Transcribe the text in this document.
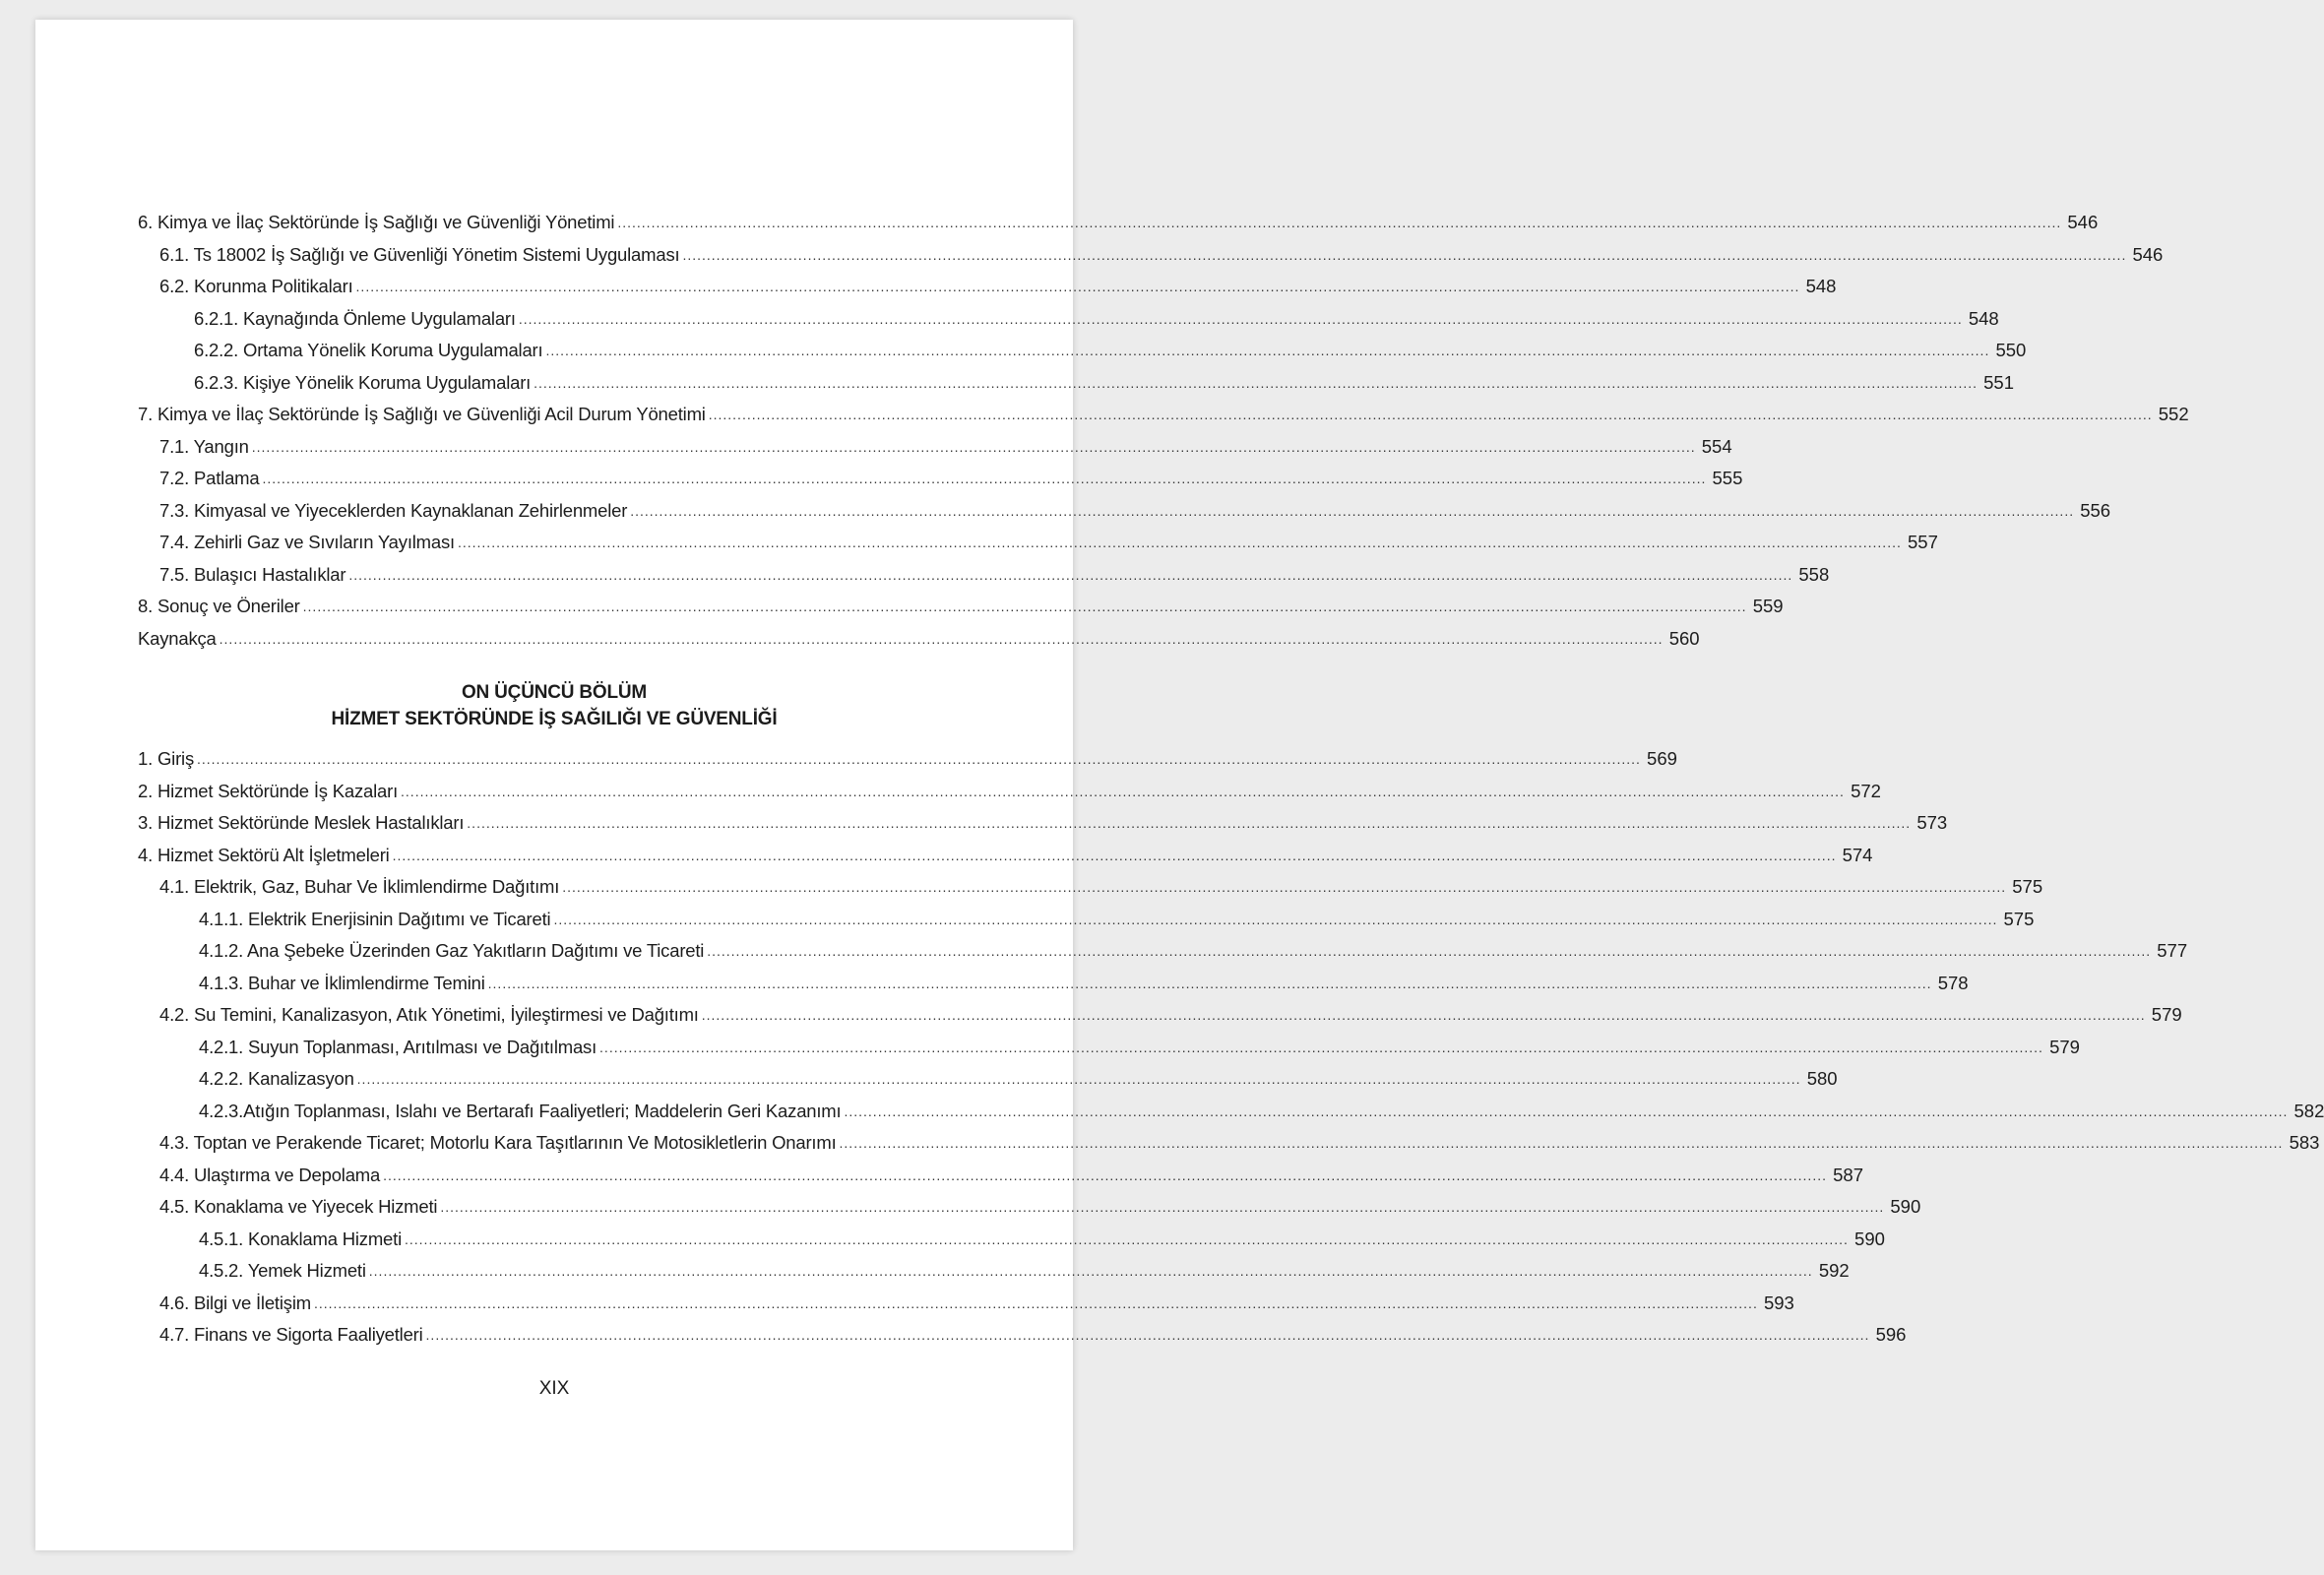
6. Kimya ve İlaç Sektöründe İş Sağlığı ve Güvenliği Yönetimi ............................................................................................................................................................................................................................................................................................................ 546
6.1. Ts 18002 İş Sağlığı ve Güvenliği Yönetim Sistemi Uygulaması ............................................................................................................................................................................................................................................................................................................ 546
6.2. Korunma Politikaları ............................................................................................................................................................................................................................................................................................................ 548
6.2.1. Kaynağında Önleme Uygulamaları ............................................................................................................................................................................................................................................................................................................ 548
6.2.2. Ortama Yönelik Koruma Uygulamaları ............................................................................................................................................................................................................................................................................................................ 550
6.2.3. Kişiye Yönelik Koruma Uygulamaları ............................................................................................................................................................................................................................................................................................................ 551
7. Kimya ve İlaç Sektöründe İş Sağlığı ve Güvenliği Acil Durum Yönetimi ............................................................................................................................................................................................................................................................................................................ 552
7.1. Yangın ............................................................................................................................................................................................................................................................................................................ 554
7.2. Patlama ............................................................................................................................................................................................................................................................................................................ 555
7.3. Kimyasal ve Yiyeceklerden Kaynaklanan Zehirlenmeler ............................................................................................................................................................................................................................................................................................................ 556
7.4. Zehirli Gaz ve Sıvıların Yayılması ............................................................................................................................................................................................................................................................................................................ 557
7.5. Bulaşıcı Hastalıklar ............................................................................................................................................................................................................................................................................................................ 558
8. Sonuç ve Öneriler ............................................................................................................................................................................................................................................................................................................ 559
Kaynakça ............................................................................................................................................................................................................................................................................................................ 560
ON ÜÇÜNCÜ BÖLÜM
HİZMET SEKTÖRÜNDE İŞ SAĞILIĞI VE GÜVENLİĞİ
1. Giriş ............................................................................................................................................................................................................................................................................................................ 569
2. Hizmet Sektöründe İş Kazaları ............................................................................................................................................................................................................................................................................................................ 572
3. Hizmet Sektöründe Meslek Hastalıkları ............................................................................................................................................................................................................................................................................................................ 573
4. Hizmet Sektörü Alt İşletmeleri ............................................................................................................................................................................................................................................................................................................ 574
4.1. Elektrik, Gaz, Buhar Ve İklimlendirme Dağıtımı ............................................................................................................................................................................................................................................................................................................ 575
4.1.1. Elektrik Enerjisinin Dağıtımı ve Ticareti ............................................................................................................................................................................................................................................................................................................ 575
4.1.2. Ana Şebeke Üzerinden Gaz Yakıtların Dağıtımı ve Ticareti ............................................................................................................................................................................................................................................................................................................ 577
4.1.3. Buhar ve İklimlendirme Temini ............................................................................................................................................................................................................................................................................................................ 578
4.2. Su Temini, Kanalizasyon, Atık Yönetimi, İyileştirmesi ve Dağıtımı ............................................................................................................................................................................................................................................................................................................ 579
4.2.1. Suyun Toplanması, Arıtılması ve Dağıtılması ............................................................................................................................................................................................................................................................................................................ 579
4.2.2. Kanalizasyon ............................................................................................................................................................................................................................................................................................................ 580
4.2.3.Atığın Toplanması, Islahı ve Bertarafı Faaliyetleri; Maddelerin Geri Kazanımı ............................................................................................................................................................................................................................................................................................................ 582
4.3. Toptan ve Perakende Ticaret; Motorlu Kara Taşıtlarının Ve Motosikletlerin Onarımı ............................................................................................................................................................................................................................................................................................................ 583
4.4. Ulaştırma ve Depolama ............................................................................................................................................................................................................................................................................................................ 587
4.5. Konaklama ve Yiyecek Hizmeti ............................................................................................................................................................................................................................................................................................................ 590
4.5.1. Konaklama Hizmeti ............................................................................................................................................................................................................................................................................................................ 590
4.5.2. Yemek Hizmeti ............................................................................................................................................................................................................................................................................................................ 592
4.6. Bilgi ve İletişim ............................................................................................................................................................................................................................................................................................................ 593
4.7. Finans ve Sigorta Faaliyetleri ............................................................................................................................................................................................................................................................................................................ 596
XIX
